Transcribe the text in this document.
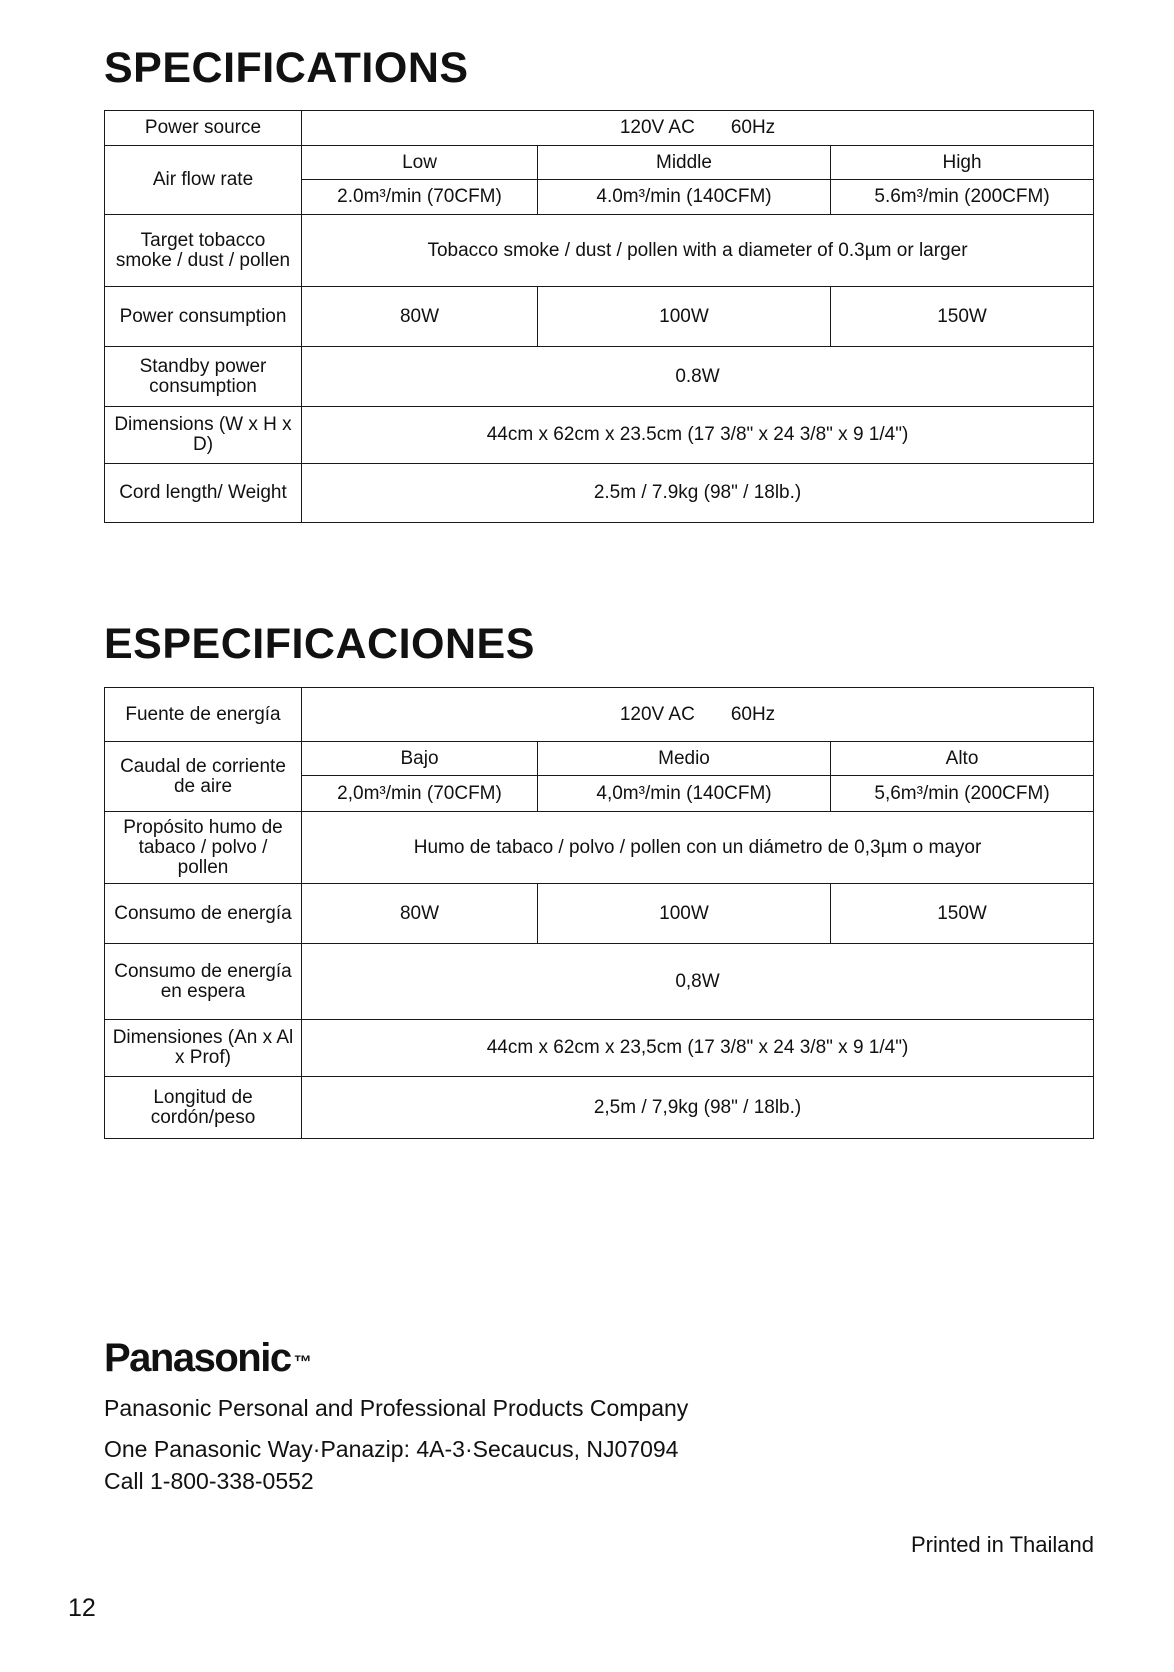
SPECIFICATIONS
Power source	120V AC 60Hz		
Air flow rate	Low	Middle	High
	2.0m³/min (70CFM)	4.0m³/min (140CFM)	5.6m³/min (200CFM)
Target tobacco smoke / dust / pollen	Tobacco smoke / dust / pollen with a diameter of 0.3µm or larger		
Power consumption	80W	100W	150W
Standby power consumption	0.8W		
Dimensions (W x H x D)	44cm x 62cm x 23.5cm (17 3/8" x 24 3/8" x 9 1/4")		
Cord length/ Weight	2.5m / 7.9kg (98" / 18lb.)		
ESPECIFICACIONES
Fuente de energía	120V AC 60Hz		
Caudal de corriente de aire	Bajo	Medio	Alto
	2,0m³/min (70CFM)	4,0m³/min (140CFM)	5,6m³/min (200CFM)
Propósito humo de tabaco / polvo / pollen	Humo de tabaco / polvo / pollen con un diámetro de 0,3µm o mayor		
Consumo de energía	80W	100W	150W
Consumo de energía en espera	0,8W		
Dimensiones (An x Al x Prof)	44cm x 62cm x 23,5cm (17 3/8" x 24 3/8" x 9 1/4")		
Longitud de cordón/peso	2,5m / 7,9kg (98" / 18lb.)		
Panasonic ™
Panasonic Personal and Professional Products Company
One Panasonic Way·Panazip: 4A-3·Secaucus, NJ07094
Call 1-800-338-0552
Printed in Thailand
12
